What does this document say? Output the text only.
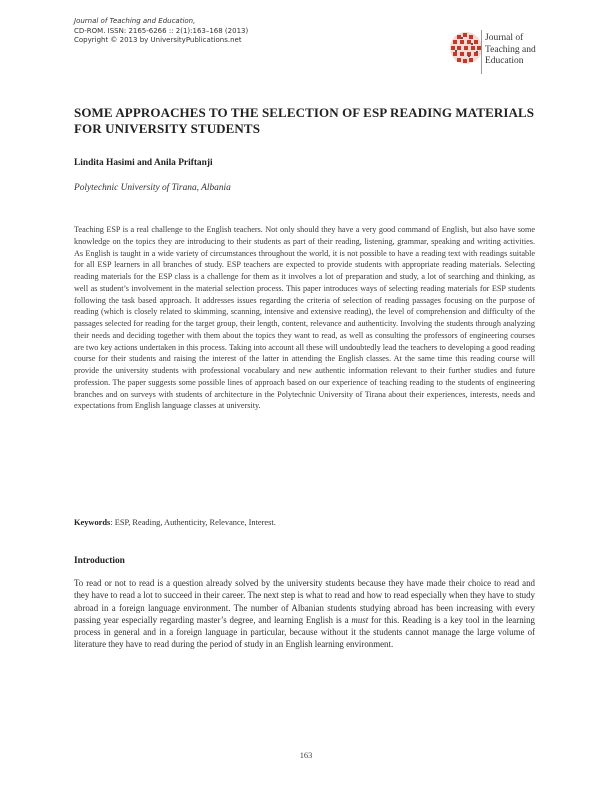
Journal of Teaching and Education,
CD-ROM. ISSN: 2165-6266 :: 2(1):163–168 (2013)
Copyright © 2013 by UniversityPublications.net	Journal of
Teaching and
Education
SOME APPROACHES TO THE SELECTION OF ESP READING MATERIALS FOR UNIVERSITY STUDENTS
Lindita Hasimi and Anila Priftanji
Polytechnic University of Tirana, Albania

Teaching ESP is a real challenge to the English teachers. Not only should they have a very good command of English, but also have some knowledge on the topics they are introducing to their students as part of their reading, listening, grammar, speaking and writing activities. As English is taught in a wide variety of circumstances throughout the world, it is not possible to have a reading text with readings suitable for all ESP learners in all branches of study. ESP teachers are expected to provide students with appropriate reading materials. Selecting reading materials for the ESP class is a challenge for them as it involves a lot of preparation and study, a lot of searching and thinking, as well as student’s involvement in the material selection process. This paper introduces ways of selecting reading materials for ESP students following the task based approach. It addresses issues regarding the criteria of selection of reading passages focusing on the purpose of reading (which is closely related to skimming, scanning, intensive and extensive reading), the level of comprehension and difficulty of the passages selected for reading for the target group, their length, content, relevance and authenticity. Involving the students through analyzing their needs and deciding together with them about the topics they want to read, as well as consulting the professors of engineering courses are two key actions undertaken in this process. Taking into account all these will undoubtedly lead the teachers to developing a good reading course for their students and raising the interest of the latter in attending the English classes. At the same time this reading course will provide the university students with professional vocabulary and new authentic information relevant to their further studies and future profession. The paper suggests some possible lines of approach based on our experience of teaching reading to the students of engineering branches and on surveys with students of architecture in the Polytechnic University of Tirana about their experiences, interests, needs and expectations from English language classes at university.

Keywords: ESP, Reading, Authenticity, Relevance, Interest.
Introduction

To read or not to read is a question already solved by the university students because they have made their choice to read and they have to read a lot to succeed in their career. The next step is what to read and how to read especially when they have to study abroad in a foreign language environment. The number of Albanian students studying abroad has been increasing with every passing year especially regarding master’s degree, and learning English is a must for this. Reading is a key tool in the learning process in general and in a foreign language in particular, because without it the students cannot manage the large volume of literature they have to read during the period of study in an English learning environment.

163
